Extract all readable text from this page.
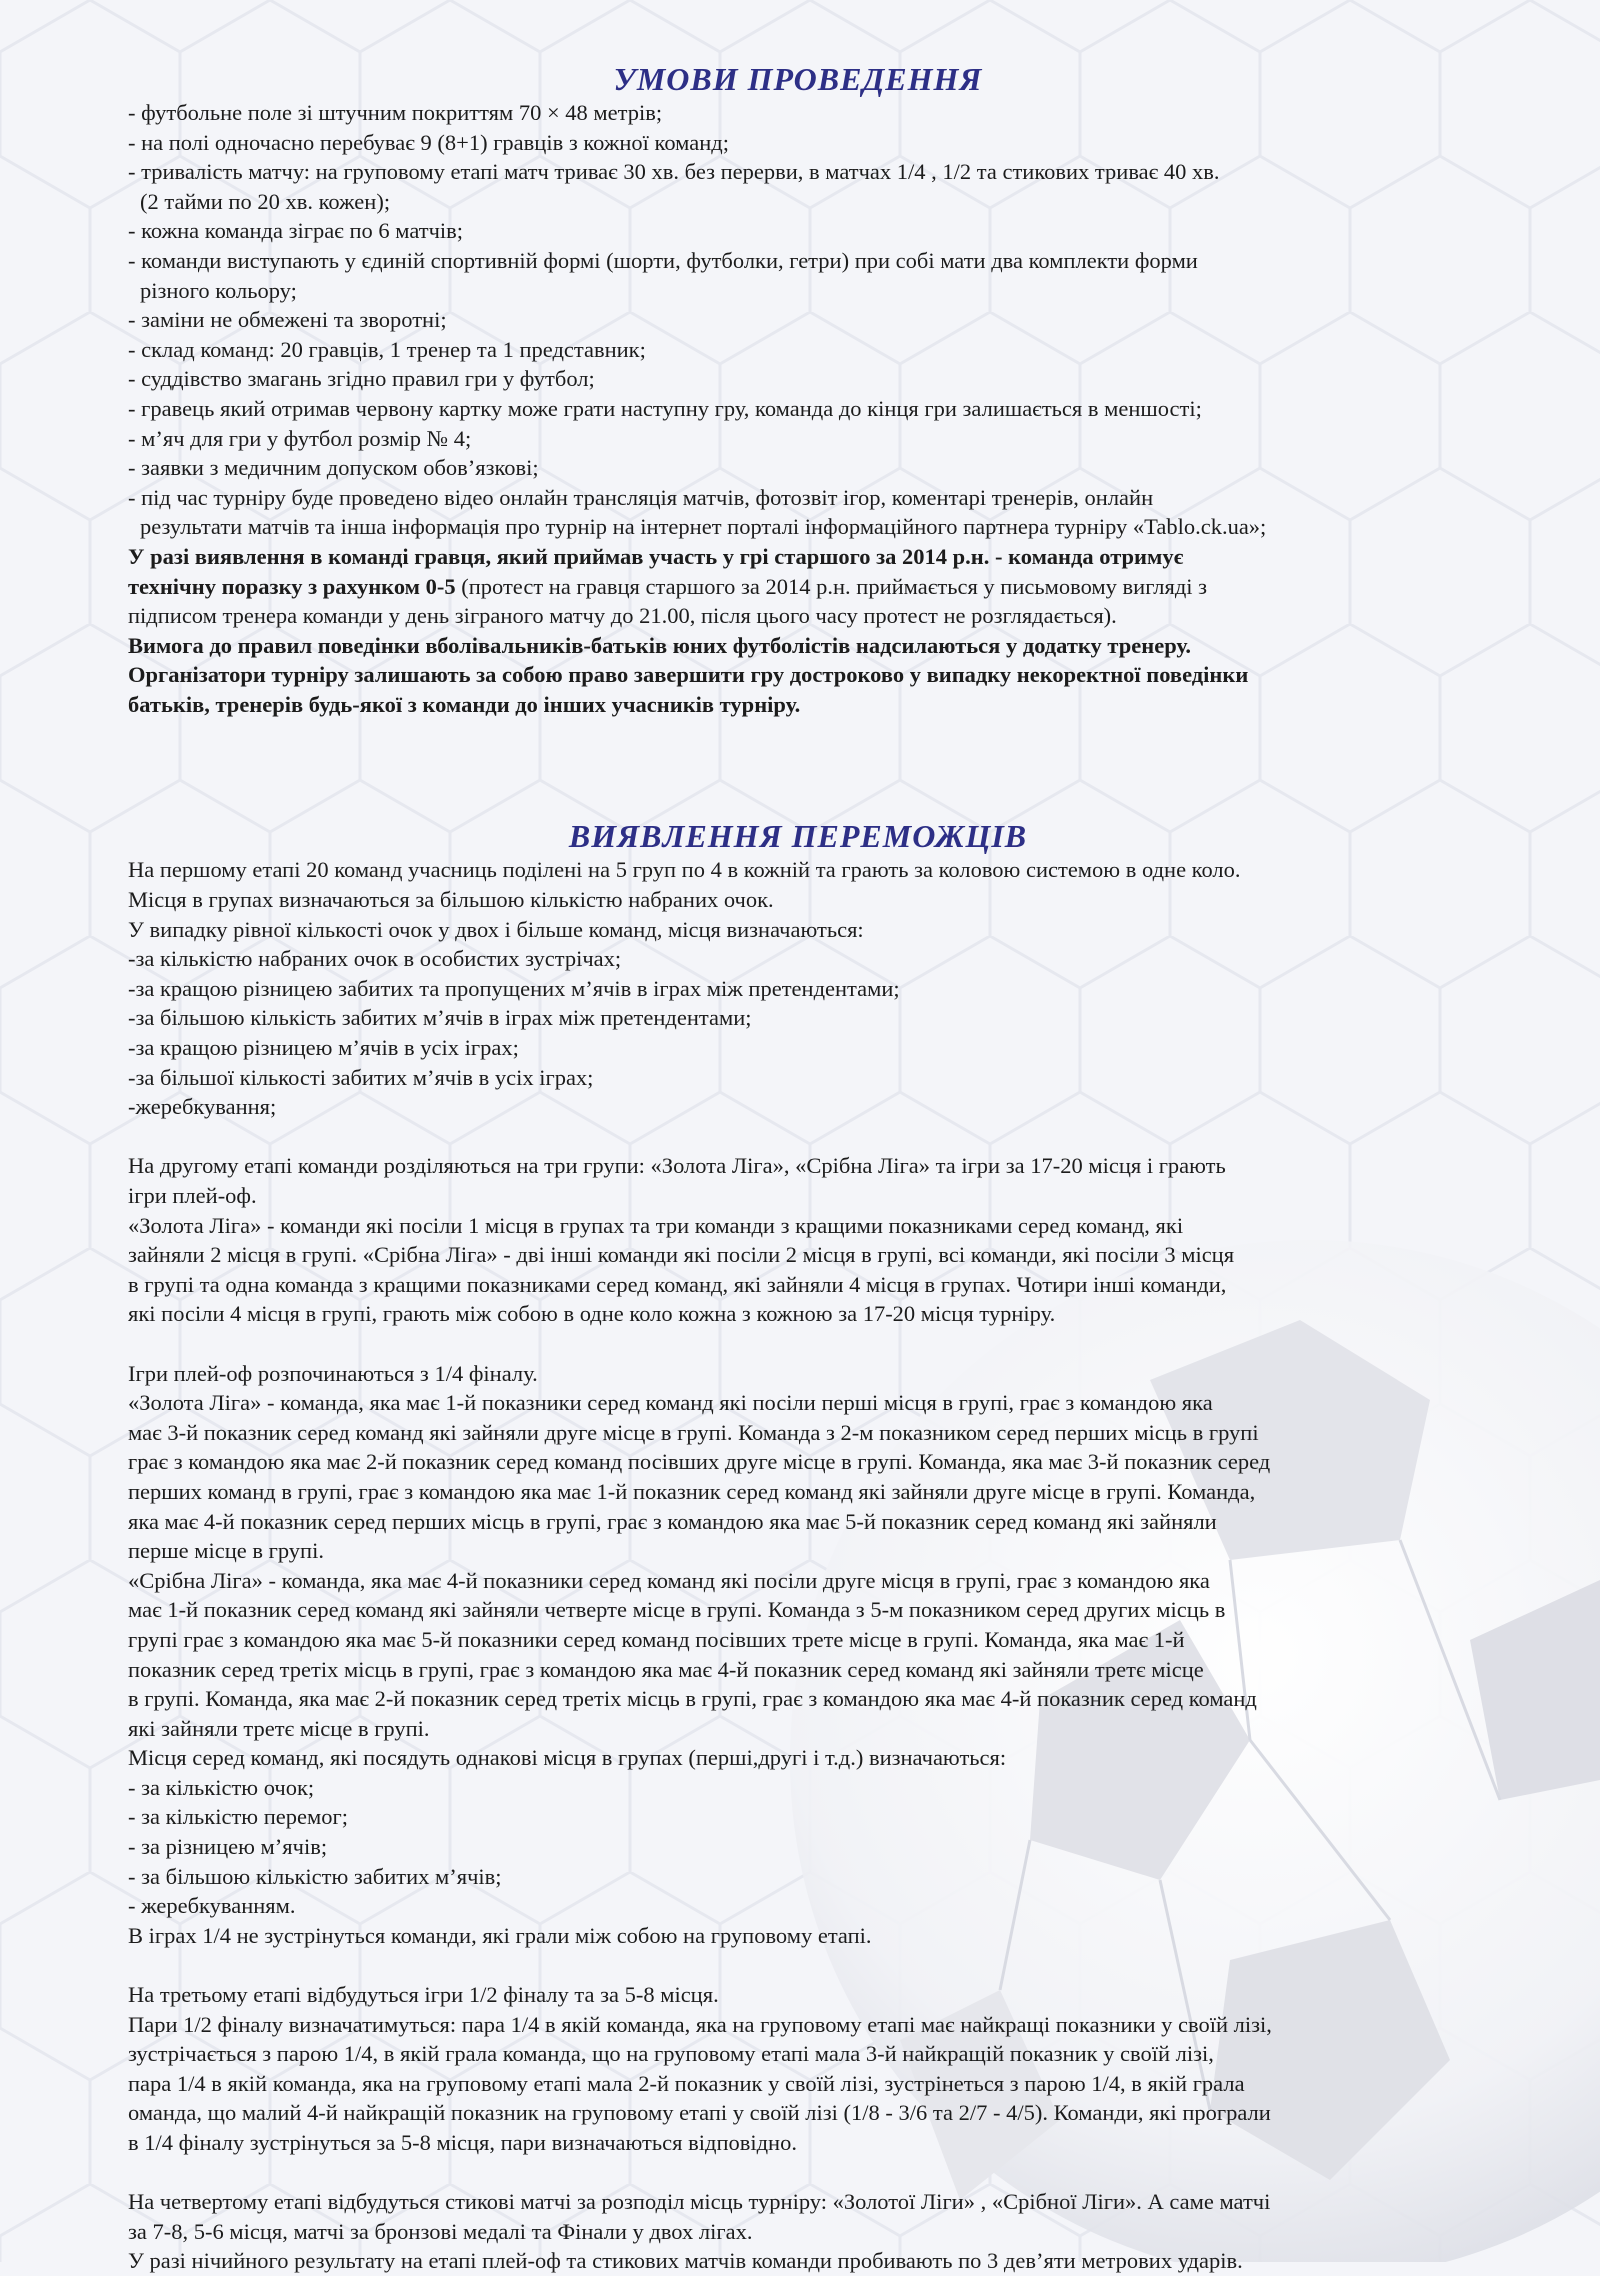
УМОВИ ПРОВЕДЕННЯ
- футбольне поле зі штучним покриттям 70 × 48 метрів;
- на полі одночасно перебуває 9 (8+1) гравців з кожної команд;
- тривалість матчу: на груповому етапі матч триває 30 хв. без перерви, в матчах 1/4 , 1/2 та стикових триває 40 хв.
(2 тайми по 20 хв. кожен);
- кожна команда зіграє по 6 матчів;
- команди виступають у єдиній спортивній формі (шорти, футболки, гетри) при собі мати два комплекти форми
різного кольору;
- заміни не обмежені та зворотні;
- склад команд: 20 гравців, 1 тренер та 1 представник;
- суддівство змагань згідно правил гри у футбол;
- гравець який отримав червону картку може грати наступну гру, команда до кінця гри залишається в меншості;
- м’яч для гри у футбол розмір № 4;
- заявки з медичним допуском обов’язкові;
- під час турніру буде проведено відео онлайн трансляція матчів, фотозвіт ігор, коментарі тренерів, онлайн
результати матчів та інша інформація про турнір на інтернет порталі інформаційного партнера турніру «Tablo.ck.ua»;
У разі виявлення в команді гравця, який приймав участь у грі старшого за 2014 р.н. - команда отримує
технічну поразку з рахунком 0-5 (протест на гравця старшого за 2014 р.н. приймається у письмовому вигляді з
підписом тренера команди у день зіграного матчу до 21.00, після цього часу протест не розглядається).
Вимога до правил поведінки вболівальників-батьків юних футболістів надсилаються у додатку тренеру.
Організатори турніру залишають за собою право завершити гру достроково у випадку некоректної поведінки
батьків, тренерів будь-якої з команди до інших учасників турніру.
ВИЯВЛЕННЯ ПЕРЕМОЖЦІВ
На першому етапі 20 команд учасниць поділені на 5 груп по 4 в кожній та грають за коловою системою в одне коло.
Місця в групах визначаються за більшою кількістю набраних очок.
У випадку рівної кількості очок у двох і більше команд, місця визначаються:
-за кількістю набраних очок в особистих зустрічах;
-за кращою різницею забитих та пропущених м’ячів в іграх між претендентами;
-за більшою кількість забитих м’ячів в іграх між претендентами;
-за кращою різницею м’ячів в усіх іграх;
-за більшої кількості забитих м’ячів в усіх іграх;
-жеребкування;
На другому етапі команди розділяються на три групи: «Золота Ліга», «Срібна Ліга» та ігри за 17-20 місця і грають
ігри плей-оф.
«Золота Ліга» - команди які посіли 1 місця в групах та три команди з кращими показниками серед команд, які
зайняли 2 місця в групі. «Срібна Ліга» - дві інші команди які посіли 2 місця в групі, всі команди, які посіли 3 місця
в групі та одна команда з кращими показниками серед команд, які зайняли 4 місця в групах. Чотири інші команди,
які посіли 4 місця в групі, грають між собою в одне коло кожна з кожною за 17-20 місця турніру.
Ігри плей-оф розпочинаються з 1/4 фіналу.
«Золота Ліга» - команда, яка має 1-й показники серед команд які посіли перші місця в групі, грає з командою яка
має 3-й показник серед команд які зайняли друге місце в групі. Команда з 2-м показником серед перших місць в групі
грає з командою яка має 2-й показник серед команд посівших друге місце в групі. Команда, яка має 3-й показник серед
перших команд в групі, грає з командою яка має 1-й показник серед команд які зайняли друге місце в групі. Команда,
яка має 4-й показник серед перших місць в групі, грає з командою яка має 5-й показник серед команд які зайняли
перше місце в групі.
«Срібна Ліга» - команда, яка має 4-й показники серед команд які посіли друге місця в групі, грає з командою яка
має 1-й показник серед команд які зайняли четверте місце в групі. Команда з 5-м показником серед других місць в
групі грає з командою яка має 5-й показники серед команд посівших трете місце в групі. Команда, яка має 1-й
показник серед третіх місць в групі, грає з командою яка має 4-й показник серед команд які зайняли третє місце
в групі. Команда, яка має 2-й показник серед третіх місць в групі, грає з командою яка має 4-й показник серед команд
які зайняли третє місце в групі.
Місця серед команд, які посядуть однакові місця в групах (перші,другі і т.д.) визначаються:
- за кількістю очок;
- за кількістю перемог;
- за різницею м’ячів;
- за більшою кількістю забитих м’ячів;
- жеребкуванням.
В іграх 1/4 не зустрінуться команди, які грали між собою на груповому етапі.
На третьому етапі відбудуться ігри 1/2 фіналу та за 5-8 місця.
Пари 1/2 фіналу визначатимуться: пара 1/4 в якій команда, яка на груповому етапі має найкращі показники у своїй лізі,
зустрічається з парою 1/4, в якій грала команда, що на груповому етапі мала 3-й найкращій показник у своїй лізі,
пара 1/4 в якій команда, яка на груповому етапі мала 2-й показник у своїй лізі, зустрінеться з парою 1/4, в якій грала
оманда, що малий 4-й найкращій показник на груповому етапі у своїй лізі (1/8 - 3/6 та 2/7 - 4/5). Команди, які програли
в 1/4 фіналу зустрінуться за 5-8 місця, пари визначаються відповідно.
На четвертому етапі відбудуться стикові матчі за розподіл місць турніру: «Золотої Ліги» , «Срібної Ліги». А саме матчі
за 7-8, 5-6 місця, матчі за бронзові медалі та Фінали у двох лігах.
У разі нічийного результату на етапі плей-оф та стикових матчів команди пробивають по 3 дев’яти метрових ударів.
